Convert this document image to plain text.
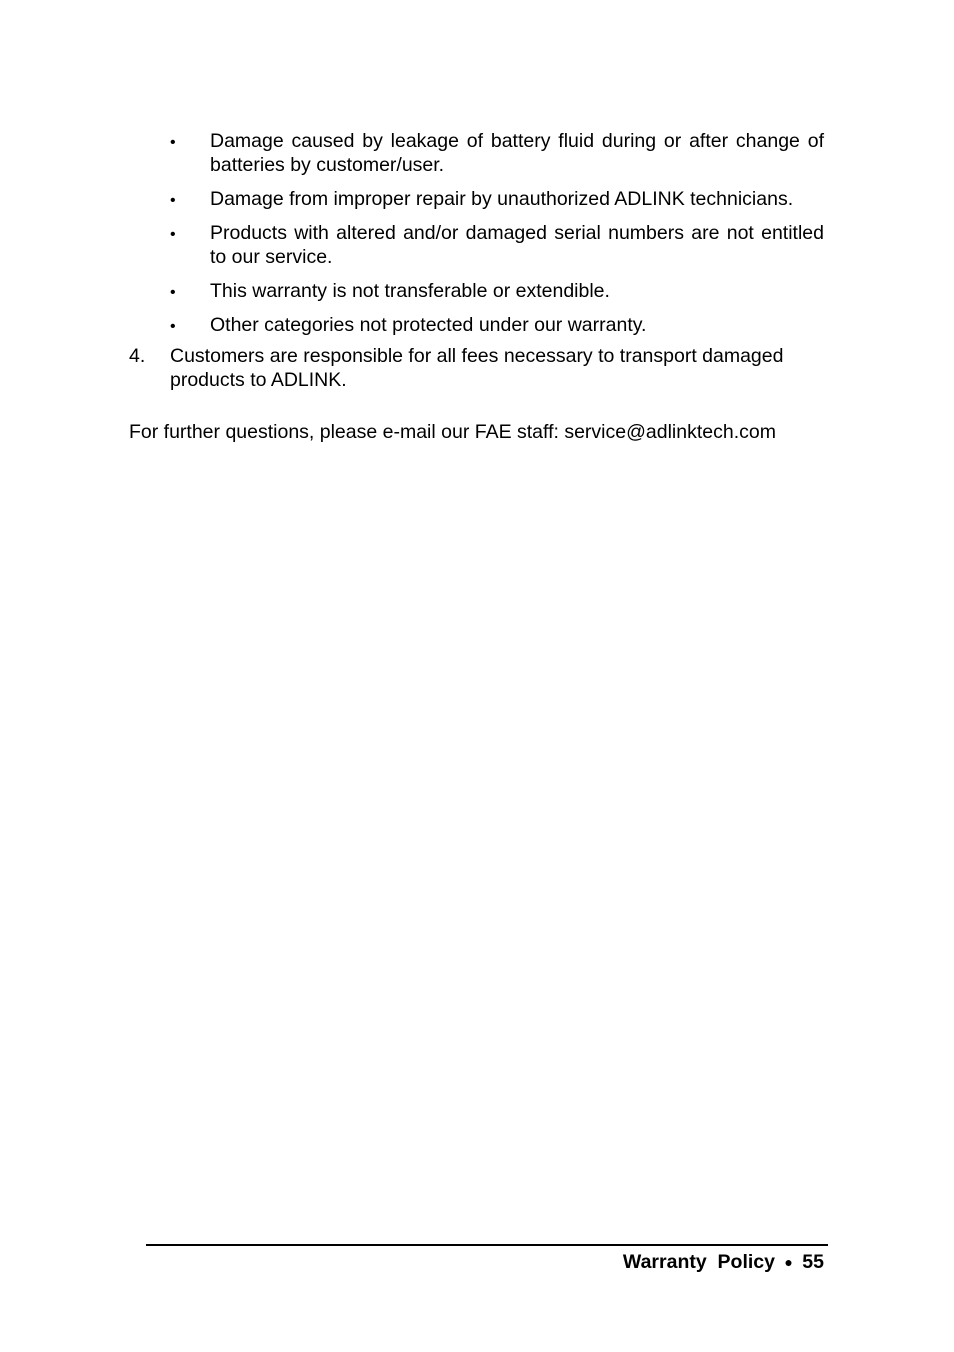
•
Damage caused by leakage of battery fluid during or after change of batteries by customer/user.
•
Damage from improper repair by unauthorized ADLINK technicians.
•
Products with altered and/or damaged serial numbers are not entitled to our service.
•
This warranty is not transferable or extendible.
•
Other categories not protected under our warranty.
4.	Customers are responsible for all fees necessary to transport damaged products to ADLINK.
For further questions, please e-mail our FAE staff: service@adlinktech.com
Warranty  Policy ● 55
